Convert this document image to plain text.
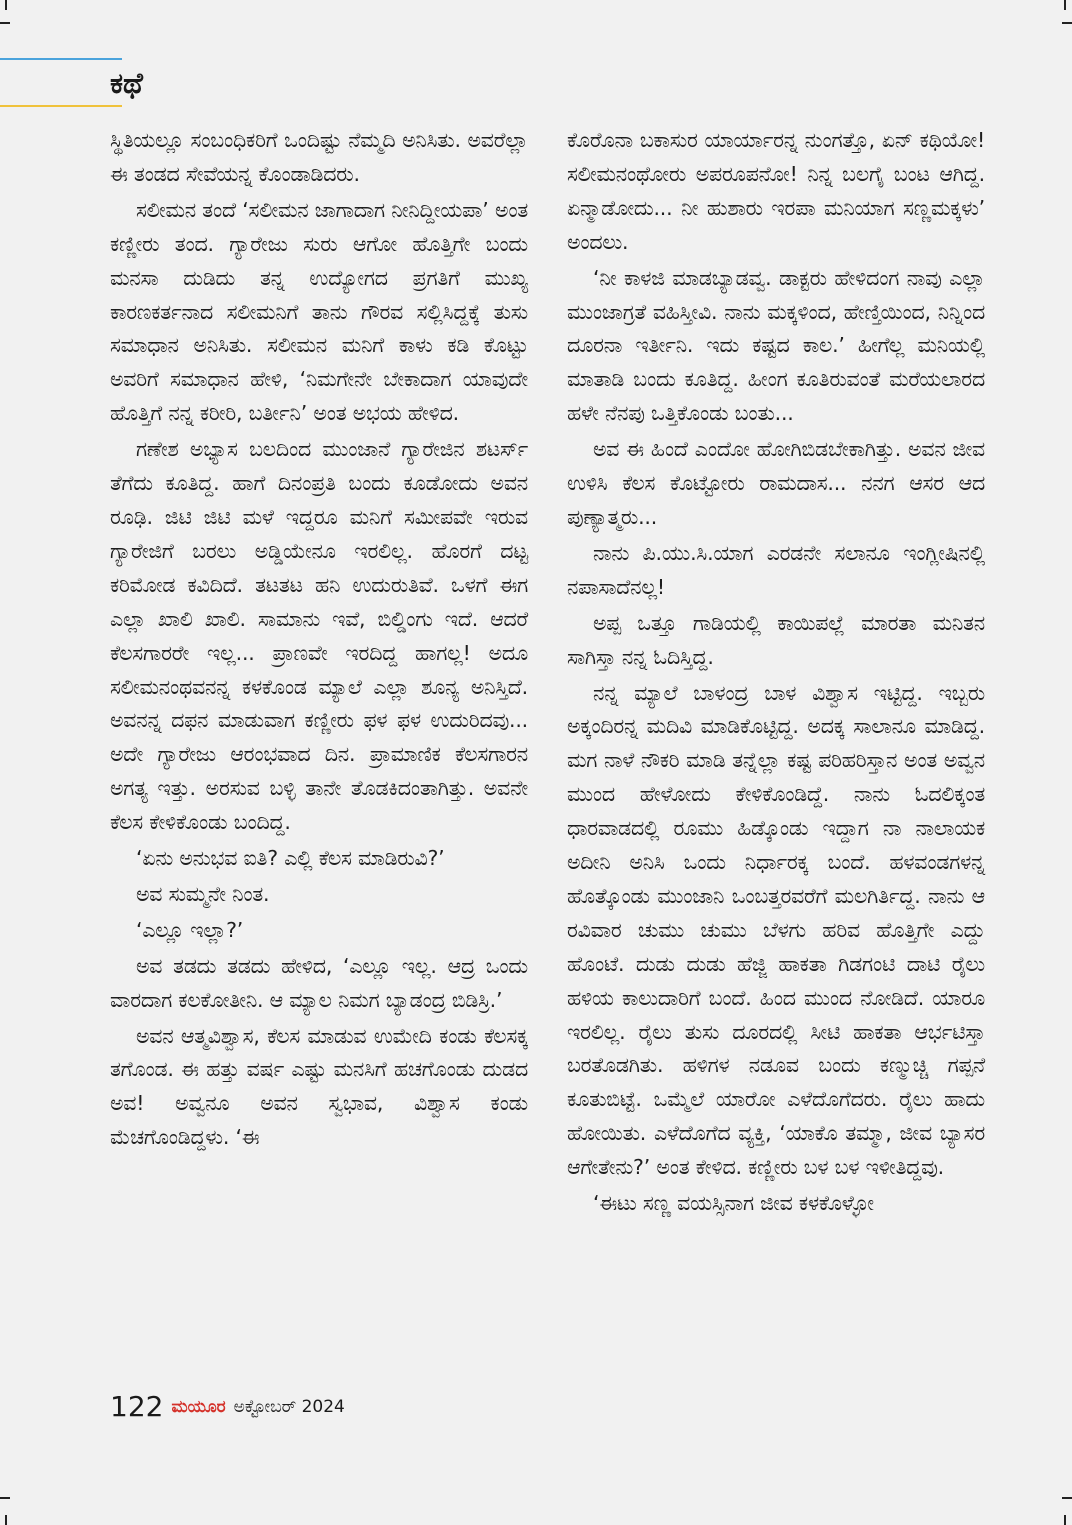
ಕಥೆ

ಸ್ಥಿತಿಯಲ್ಲೂ ಸಂಬಂಧಿಕರಿಗೆ ಒಂದಿಷ್ಟು ನೆಮ್ಮದಿ ಅನಿಸಿತು. ಅವರೆಲ್ಲಾ ಈ ತಂಡದ ಸೇವೆಯನ್ನ ಕೊಂಡಾಡಿದರು.

ಸಲೀಮನ ತಂದೆ ‘ಸಲೀಮನ ಜಾಗಾದಾಗ ನೀನಿದ್ದೀಯಪಾ’ ಅಂತ ಕಣ್ಣೀರು ತಂದ. ಗ್ಯಾರೇಜು ಸುರು ಆಗೋ ಹೊತ್ತಿಗೇ ಬಂದು ಮನಸಾ ದುಡಿದು ತನ್ನ ಉದ್ಯೋಗದ ಪ್ರಗತಿಗೆ ಮುಖ್ಯ ಕಾರಣಕರ್ತನಾದ ಸಲೀಮನಿಗೆ ತಾನು ಗೌರವ ಸಲ್ಲಿಸಿದ್ದಕ್ಕೆ ತುಸು ಸಮಾಧಾನ ಅನಿಸಿತು. ಸಲೀಮನ ಮನಿಗೆ ಕಾಳು ಕಡಿ ಕೊಟ್ಟು ಅವರಿಗೆ ಸಮಾಧಾನ ಹೇಳಿ, ‘ನಿಮಗೇನೇ ಬೇಕಾದಾಗ ಯಾವುದೇ ಹೊತ್ತಿಗೆ ನನ್ನ ಕರೀರಿ, ಬರ್ತೀನಿ’ ಅಂತ ಅಭಯ ಹೇಳಿದ.

ಗಣೇಶ ಅಭ್ಯಾಸ ಬಲದಿಂದ ಮುಂಜಾನೆ ಗ್ಯಾರೇಜಿನ ಶಟರ್ಸ್ ತೆಗೆದು ಕೂತಿದ್ದ. ಹಾಗೆ ದಿನಂಪ್ರತಿ ಬಂದು ಕೂಡೋದು ಅವನ ರೂಢಿ. ಜಿಟಿ ಜಿಟಿ ಮಳೆ ಇದ್ದರೂ ಮನಿಗೆ ಸಮೀಪವೇ ಇರುವ ಗ್ಯಾರೇಜಿಗೆ ಬರಲು ಅಡ್ಡಿಯೇನೂ ಇರಲಿಲ್ಲ. ಹೊರಗೆ ದಟ್ಟ ಕರಿಮೋಡ ಕವಿದಿದೆ. ತಟತಟ ಹನಿ ಉದುರುತಿವೆ. ಒಳಗೆ ಈಗ ಎಲ್ಲಾ ಖಾಲಿ ಖಾಲಿ. ಸಾಮಾನು ಇವೆ, ಬಿಲ್ಡಿಂಗು ಇದೆ. ಆದರೆ ಕೆಲಸಗಾರರೇ ಇಲ್ಲ... ಪ್ರಾಣವೇ ಇರದಿದ್ದ ಹಾಗಲ್ಲ! ಅದೂ ಸಲೀಮನಂಥವನನ್ನ ಕಳಕೊಂಡ ಮ್ಯಾಲೆ ಎಲ್ಲಾ ಶೂನ್ಯ ಅನಿಸ್ತಿದೆ. ಅವನನ್ನ ದಫನ ಮಾಡುವಾಗ ಕಣ್ಣೀರು ಫಳ ಫಳ ಉದುರಿದವು... ಅದೇ ಗ್ಯಾರೇಜು ಆರಂಭವಾದ ದಿನ. ಪ್ರಾಮಾಣಿಕ ಕೆಲಸಗಾರನ ಅಗತ್ಯ ಇತ್ತು. ಅರಸುವ ಬಳ್ಳಿ ತಾನೇ ತೊಡಕಿದಂತಾಗಿತ್ತು. ಅವನೇ ಕೆಲಸ ಕೇಳಿಕೊಂಡು ಬಂದಿದ್ದ.

‘ಏನು ಅನುಭವ ಐತಿ? ಎಲ್ಲಿ ಕೆಲಸ ಮಾಡಿರುವಿ?’

ಅವ ಸುಮ್ಮನೇ ನಿಂತ.

‘ಎಲ್ಲೂ ಇಲ್ಲಾ?’

ಅವ ತಡದು ತಡದು ಹೇಳಿದ, ‘ಎಲ್ಲೂ ಇಲ್ಲ. ಆದ್ರ ಒಂದು ವಾರದಾಗ ಕಲಕೋತೀನಿ. ಆ ಮ್ಯಾಲ ನಿಮಗ ಬ್ಯಾಡಂದ್ರ ಬಿಡಿಸ್ರಿ.’

ಅವನ ಆತ್ಮವಿಶ್ವಾಸ, ಕೆಲಸ ಮಾಡುವ ಉಮೇದಿ ಕಂಡು ಕೆಲಸಕ್ಕ ತಗೊಂಡ. ಈ ಹತ್ತು ವರ್ಷ ಎಷ್ಟು ಮನಸಿಗೆ ಹಚಗೊಂಡು ದುಡದ ಅವ! ಅವ್ವನೂ ಅವನ ಸ್ವಭಾವ, ವಿಶ್ವಾಸ ಕಂಡು ಮೆಚಗೊಂಡಿದ್ದಳು. ‘ಈ

ಕೊರೊನಾ ಬಕಾಸುರ ಯಾರ್ಯಾರನ್ನ ನುಂಗತ್ತೊ, ಏನ್ ಕಥಿಯೋ! ಸಲೀಮನಂಥೋರು ಅಪರೂಪನೋ! ನಿನ್ನ ಬಲಗೈ ಬಂಟ ಆಗಿದ್ದ. ಏನ್ಮಾಡೋದು... ನೀ ಹುಶಾರು ಇರಪಾ ಮನಿಯಾಗ ಸಣ್ಣಮಕ್ಕಳು’ ಅಂದಲು.

‘ನೀ ಕಾಳಜಿ ಮಾಡಬ್ಯಾಡವ್ವ. ಡಾಕ್ಟರು ಹೇಳಿದಂಗ ನಾವು ಎಲ್ಲಾ ಮುಂಜಾಗ್ರತೆ ವಹಿಸ್ತೀವಿ. ನಾನು ಮಕ್ಕಳಿಂದ, ಹೇಣ್ತಿಯಿಂದ, ನಿನ್ನಿಂದ ದೂರನಾ ಇರ್ತೀನಿ. ಇದು ಕಷ್ಟದ ಕಾಲ.’ ಹೀಗೆಲ್ಲ ಮನಿಯಲ್ಲಿ ಮಾತಾಡಿ ಬಂದು ಕೂತಿದ್ದ. ಹೀಂಗ ಕೂತಿರುವಂತೆ ಮರೆಯಲಾರದ ಹಳೇ ನೆನಪು ಒತ್ತಿಕೊಂಡು ಬಂತು...

ಅವ ಈ ಹಿಂದೆ ಎಂದೋ ಹೋಗಿಬಿಡಬೇಕಾಗಿತ್ತು. ಅವನ ಜೀವ ಉಳಿಸಿ ಕೆಲಸ ಕೊಟ್ಟೋರು ರಾಮದಾಸ... ನನಗ ಆಸರ ಆದ ಪುಣ್ಯಾತ್ಮರು...

ನಾನು ಪಿ.ಯು.ಸಿ.ಯಾಗ ಎರಡನೇ ಸಲಾನೂ ಇಂಗ್ಲೀಷಿನಲ್ಲಿ ನಪಾಸಾದೆನಲ್ಲ!

ಅಪ್ಪ ಒತ್ತೂ ಗಾಡಿಯಲ್ಲಿ ಕಾಯಿಪಲ್ಲೆ ಮಾರತಾ ಮನಿತನ ಸಾಗಿಸ್ತಾ ನನ್ನ ಓದಿಸ್ತಿದ್ದ.

ನನ್ನ ಮ್ಯಾಲೆ ಬಾಳಂದ್ರ ಬಾಳ ವಿಶ್ವಾಸ ಇಟ್ಟಿದ್ದ. ಇಬ್ಬರು ಅಕ್ಕಂದಿರನ್ನ ಮದಿವಿ ಮಾಡಿಕೊಟ್ಟಿದ್ದ. ಅದಕ್ಕ ಸಾಲಾನೂ ಮಾಡಿದ್ದ. ಮಗ ನಾಳೆ ನೌಕರಿ ಮಾಡಿ ತನ್ನೆಲ್ಲಾ ಕಷ್ಟ ಪರಿಹರಿಸ್ತಾನ ಅಂತ ಅವ್ವನ ಮುಂದ ಹೇಳೋದು ಕೇಳಿಕೊಂಡಿದ್ದೆ. ನಾನು ಓದಲಿಕ್ಕಂತ ಧಾರವಾಡದಲ್ಲಿ ರೂಮು ಹಿಡ್ಕೊಂಡು ಇದ್ದಾಗ ನಾ ನಾಲಾಯಕ ಅದೀನಿ ಅನಿಸಿ ಒಂದು ನಿರ್ಧಾರಕ್ಕ ಬಂದೆ. ಹಳವಂಡಗಳನ್ನ ಹೊತ್ಕೊಂಡು ಮುಂಜಾನಿ ಒಂಬತ್ತರವರೆಗೆ ಮಲಗಿರ್ತಿದ್ದ. ನಾನು ಆ ರವಿವಾರ ಚುಮು ಚುಮು ಬೆಳಗು ಹರಿವ ಹೊತ್ತಿಗೇ ಎದ್ದು ಹೊಂಟೆ. ದುಡು ದುಡು ಹೆಜ್ಜಿ ಹಾಕತಾ ಗಿಡಗಂಟಿ ದಾಟಿ ರೈಲು ಹಳಿಯ ಕಾಲುದಾರಿಗೆ ಬಂದೆ. ಹಿಂದ ಮುಂದ ನೋಡಿದೆ. ಯಾರೂ ಇರಲಿಲ್ಲ. ರೈಲು ತುಸು ದೂರದಲ್ಲಿ ಸೀಟಿ ಹಾಕತಾ ಆರ್ಭಟಿಸ್ತಾ ಬರತೊಡಗಿತು. ಹಳಿಗಳ ನಡೂವ ಬಂದು ಕಣ್ಮುಚ್ಚಿ ಗಪ್ಪನೆ ಕೂತುಬಿಟ್ಟೆ. ಒಮ್ಮೆಲೆ ಯಾರೋ ಎಳೆದೊಗೆದರು. ರೈಲು ಹಾದು ಹೋಯಿತು. ಎಳೆದೊಗೆದ ವ್ಯಕ್ತಿ, ‘ಯಾಕೊ ತಮ್ಮಾ, ಜೀವ ಬ್ಯಾಸರ ಆಗೇತೇನು?’ ಅಂತ ಕೇಳಿದ. ಕಣ್ಣೀರು ಬಳ ಬಳ ಇಳೀತಿದ್ದವು.

‘ಈಟು ಸಣ್ಣ ವಯಸ್ಸಿನಾಗ ಜೀವ ಕಳಕೊಳ್ಳೋ

122 ಮಯೂರ ಅಕ್ಟೋಬರ್ 2024
